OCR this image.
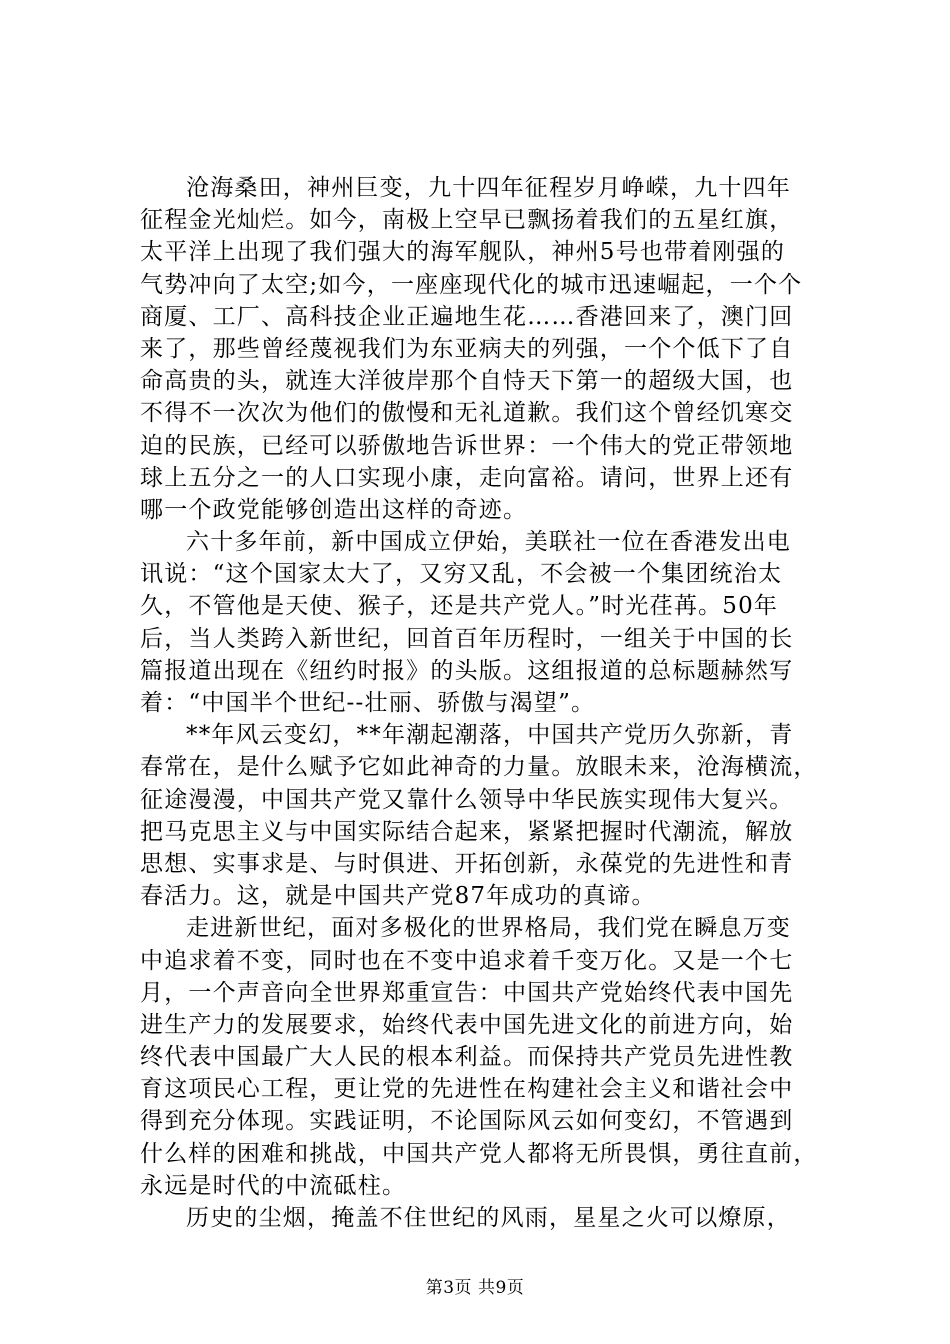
沧海桑田，神州巨变，九十四年征程岁月峥嵘，九十四年
征程金光灿烂。如今，南极上空早已飘扬着我们的五星红旗，
太平洋上出现了我们强大的海军舰队，神州5号也带着刚强的
气势冲向了太空;如今，一座座现代化的城市迅速崛起，一个个
商厦、工厂、高科技企业正遍地生花……香港回来了，澳门回
来了，那些曾经蔑视我们为东亚病夫的列强，一个个低下了自
命高贵的头，就连大洋彼岸那个自恃天下第一的超级大国，也
不得不一次次为他们的傲慢和无礼道歉。我们这个曾经饥寒交
迫的民族，已经可以骄傲地告诉世界：一个伟大的党正带领地
球上五分之一的人口实现小康，走向富裕。请问，世界上还有
哪一个政党能够创造出这样的奇迹。
六十多年前，新中国成立伊始，美联社一位在香港发出电
讯说：“这个国家太大了，又穷又乱，不会被一个集团统治太
久，不管他是天使、猴子，还是共产党人。”时光荏苒。50年
后，当人类跨入新世纪，回首百年历程时，一组关于中国的长
篇报道出现在《纽约时报》的头版。这组报道的总标题赫然写
着：“中国半个世纪--壮丽、骄傲与渴望”。
**年风云变幻，**年潮起潮落，中国共产党历久弥新，青
春常在，是什么赋予它如此神奇的力量。放眼未来，沧海横流，
征途漫漫，中国共产党又靠什么领导中华民族实现伟大复兴。
把马克思主义与中国实际结合起来，紧紧把握时代潮流，解放
思想、实事求是、与时俱进、开拓创新，永葆党的先进性和青
春活力。这，就是中国共产党87年成功的真谛。
走进新世纪，面对多极化的世界格局，我们党在瞬息万变
中追求着不变，同时也在不变中追求着千变万化。又是一个七
月，一个声音向全世界郑重宣告：中国共产党始终代表中国先
进生产力的发展要求，始终代表中国先进文化的前进方向，始
终代表中国最广大人民的根本利益。而保持共产党员先进性教
育这项民心工程，更让党的先进性在构建社会主义和谐社会中
得到充分体现。实践证明，不论国际风云如何变幻，不管遇到
什么样的困难和挑战，中国共产党人都将无所畏惧，勇往直前，
永远是时代的中流砥柱。
历史的尘烟，掩盖不住世纪的风雨，星星之火可以燎原，
第3页 共9页
